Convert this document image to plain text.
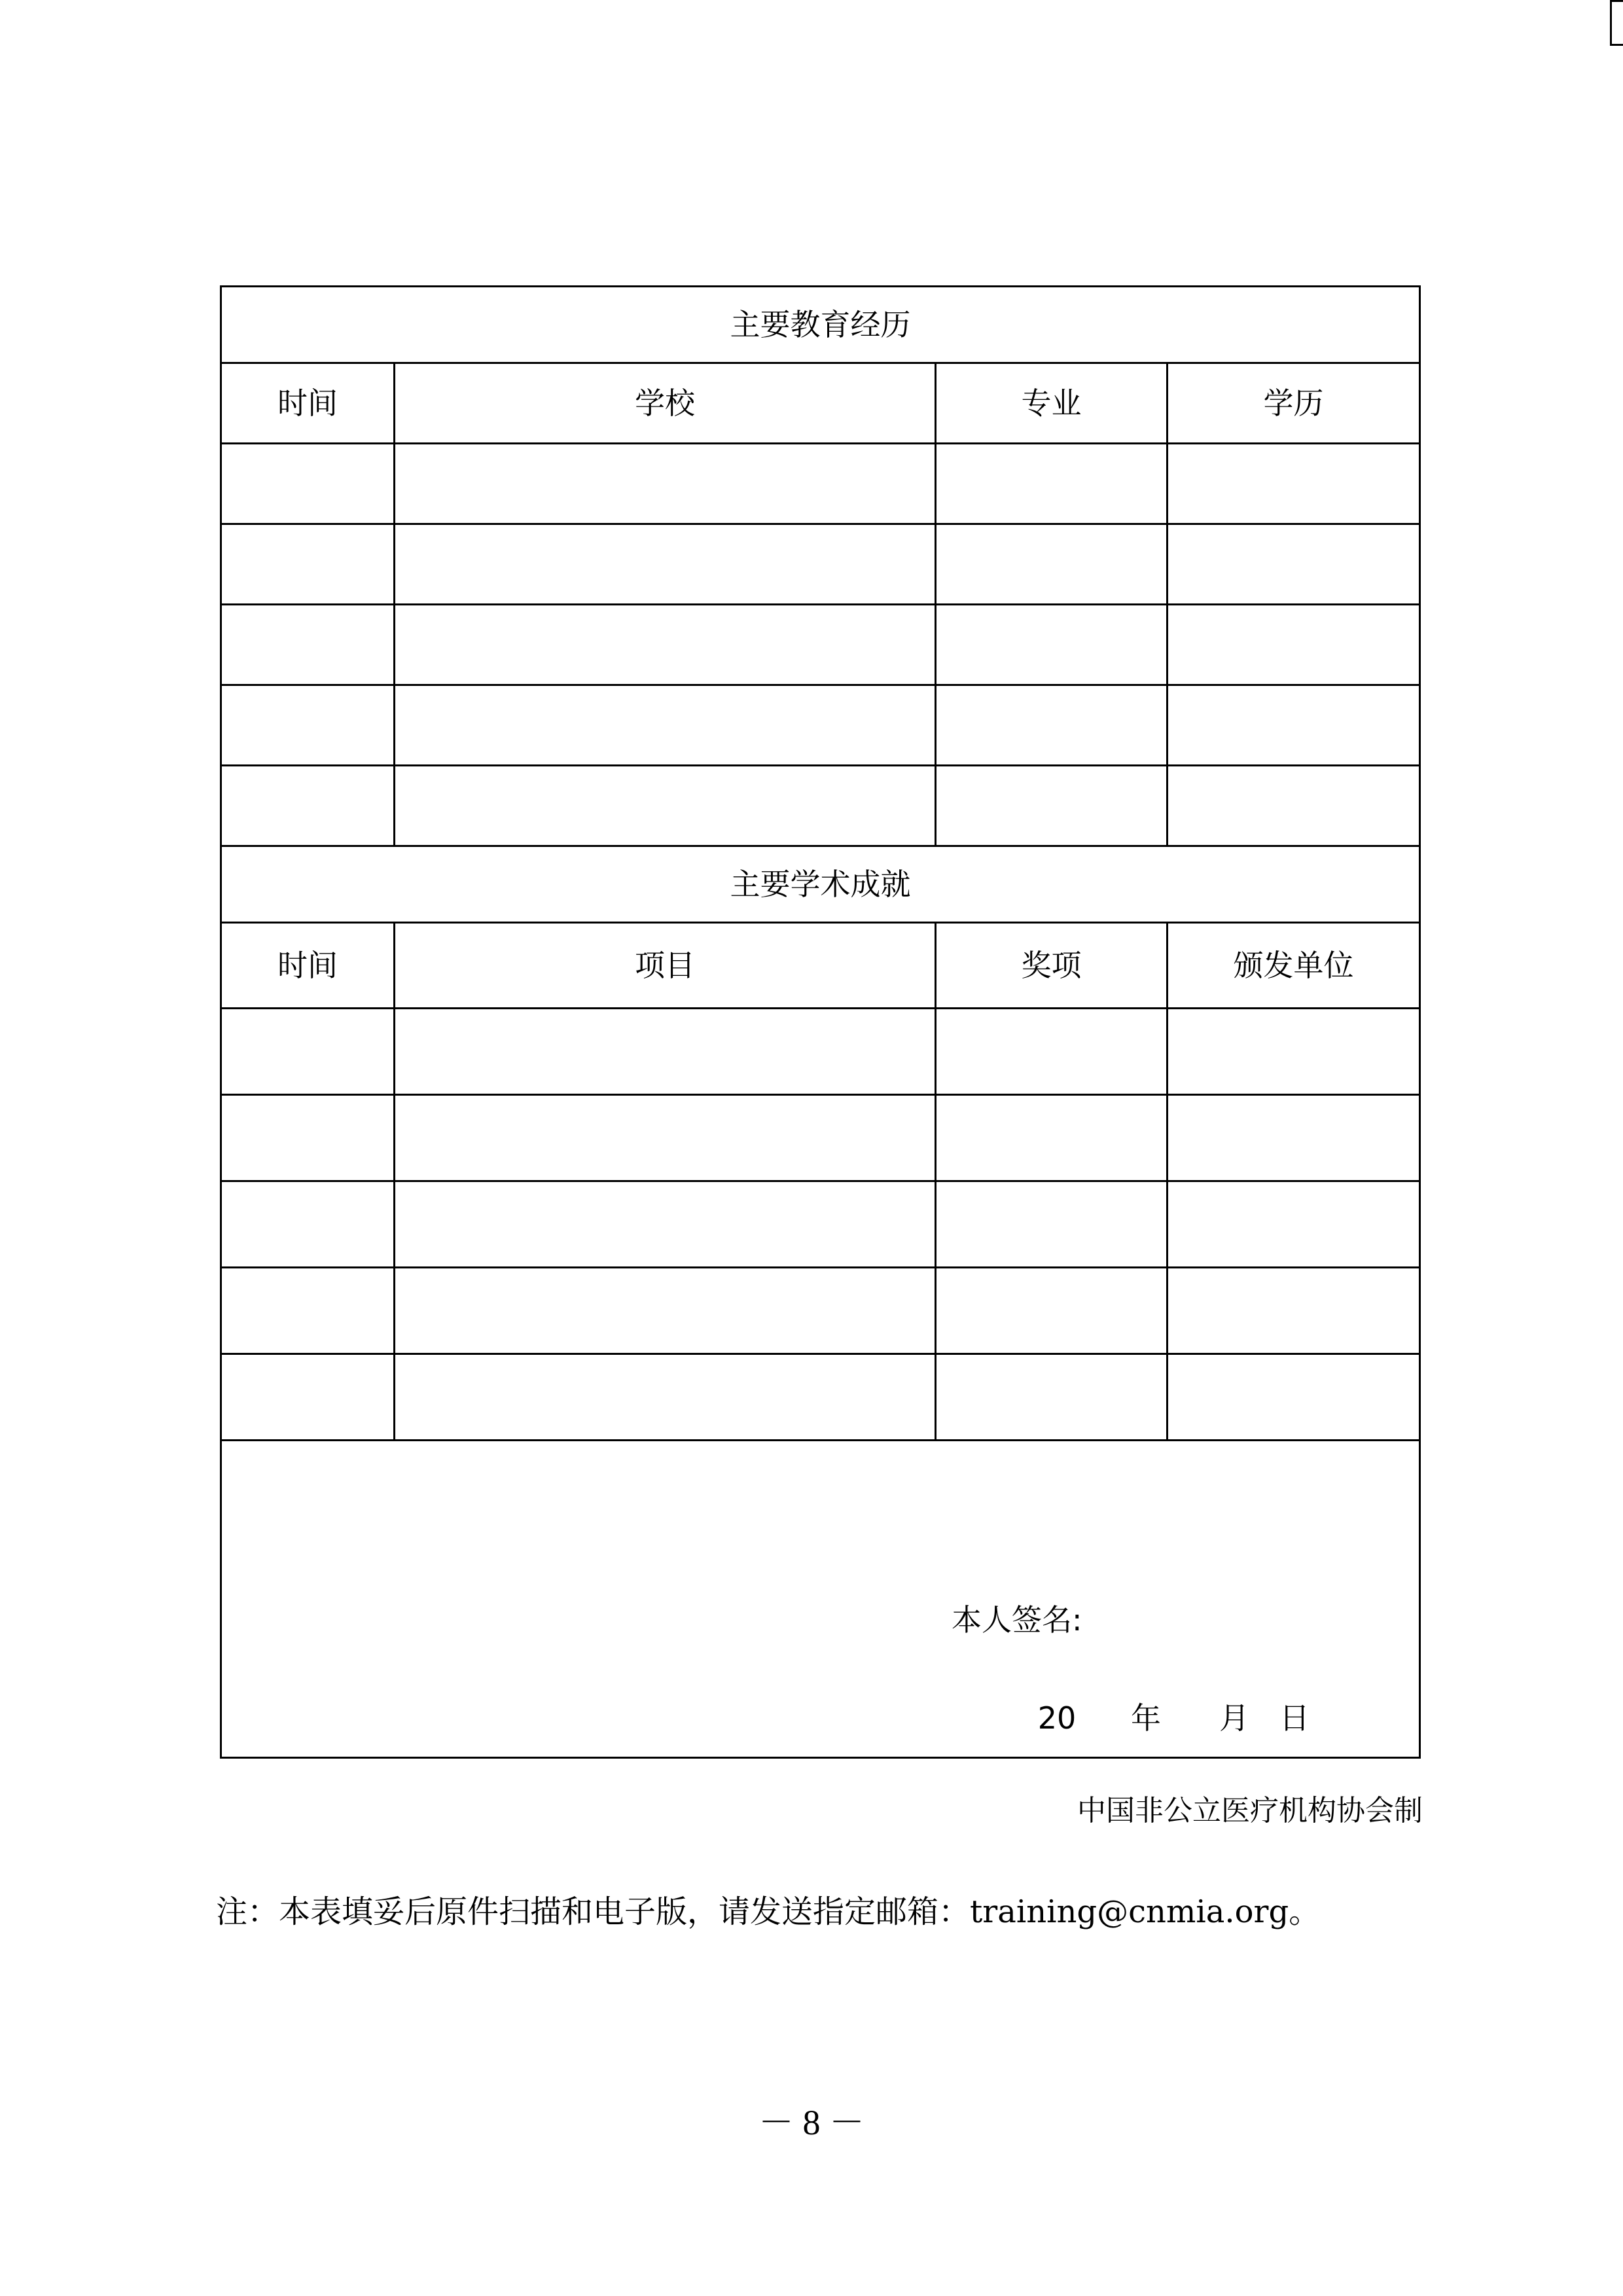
主要教育经历			
时间	学校	专业	学历

主要学术成就			
时间	项目	奖项	颁发单位

本人签名:
20 年 月 日			
中国非公立医疗机构协会制
注：本表填妥后原件扫描和电子版，请发送指定邮箱：training@cnmia.org。
－ 8 －
